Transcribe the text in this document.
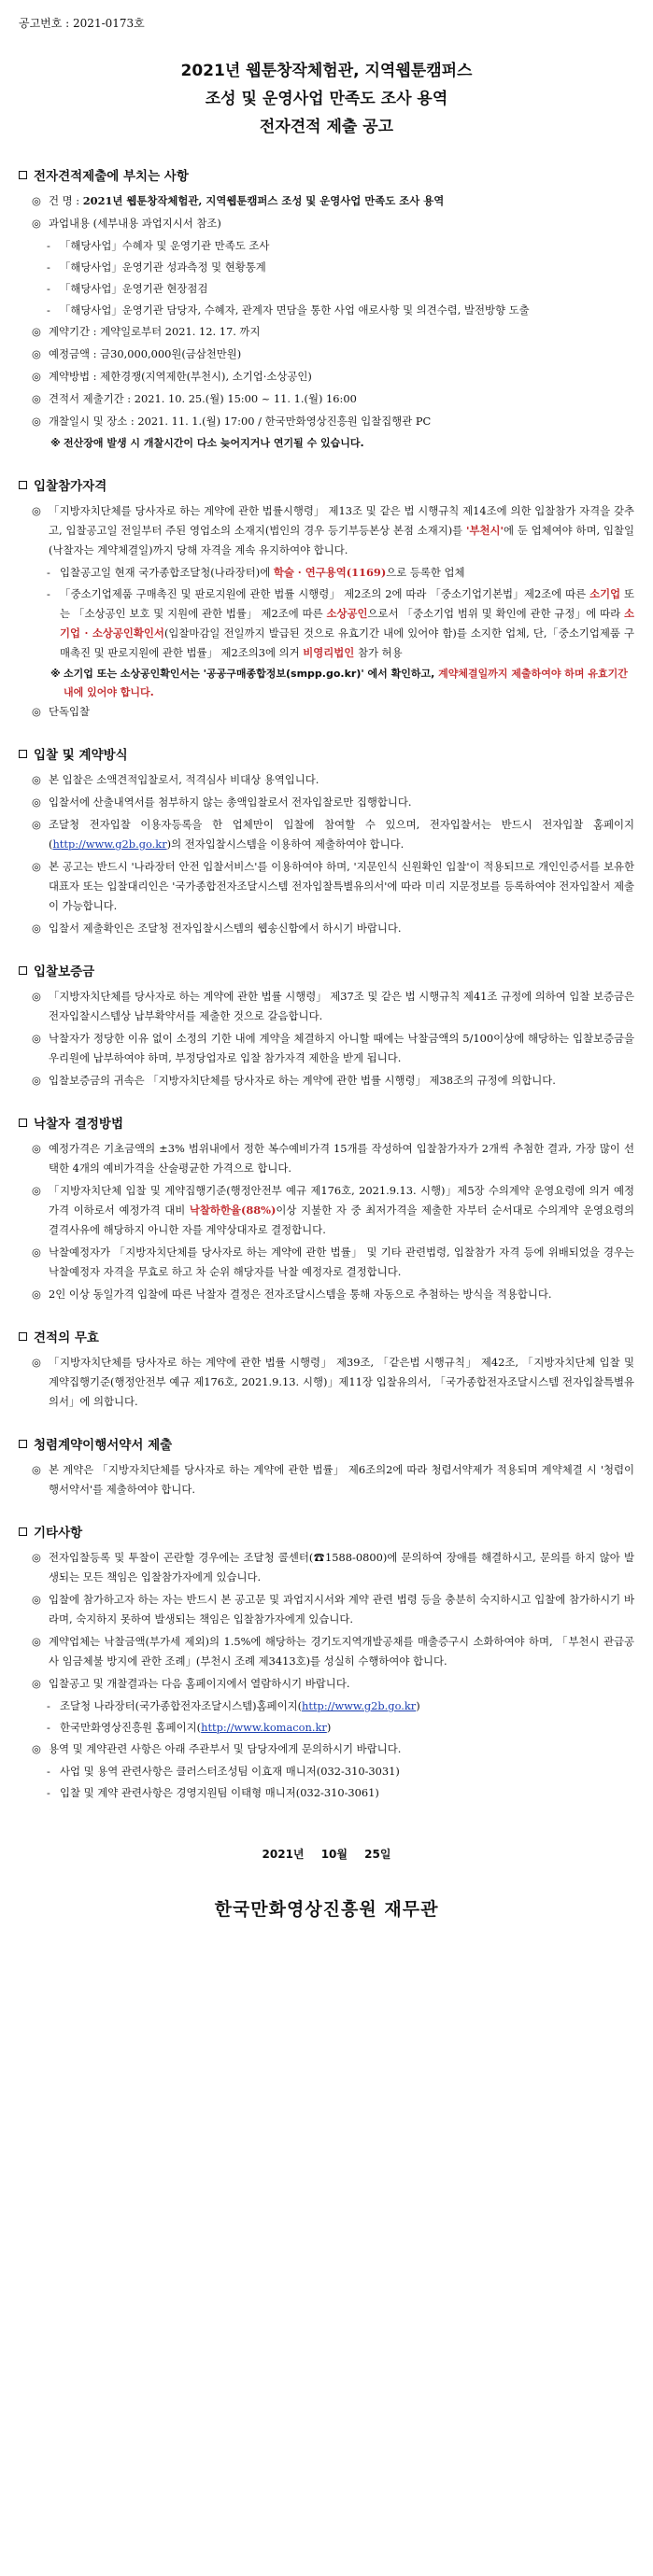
공고번호 : 2021-0173호
2021년 웹툰창작체험관, 지역웹툰캠퍼스
조성 및 운영사업 만족도 조사 용역
전자견적 제출 공고
전자견적제출에 부치는 사항
◎ 건 명 : 2021년 웹툰창작체험관, 지역웹툰캠퍼스 조성 및 운영사업 만족도 조사 용역
◎ 과업내용 (세부내용 과업지시서 참조)
- 「해당사업」수혜자 및 운영기관 만족도 조사
- 「해당사업」운영기관 성과측정 및 현황통계
- 「해당사업」운영기관 현장점검
- 「해당사업」운영기관 담당자, 수혜자, 관계자 면담을 통한 사업 애로사항 및 의견수렴, 발전방향 도출
◎ 계약기간 : 계약일로부터 2021. 12. 17. 까지
◎ 예정금액 : 금30,000,000원(금삼천만원)
◎ 계약방법 : 제한경쟁(지역제한(부천시), 소기업·소상공인)
◎ 견적서 제출기간 : 2021. 10. 25.(월) 15:00 ~ 11. 1.(월) 16:00
◎ 개찰일시 및 장소 : 2021. 11. 1.(월) 17:00 / 한국만화영상진흥원 입찰집행관 PC
※ 전산장애 발생 시 개찰시간이 다소 늦어지거나 연기될 수 있습니다.
입찰참가자격
◎ 「지방자치단체를 당사자로 하는 계약에 관한 법률시행령」 제13조 및 같은 법 시행규칙 제14조에 의한 입찰참가 자격을 갖추고, 입찰공고일 전일부터 주된 영업소의 소재지(법인의 경우 등기부등본상 본점 소재지)를 '부천시'에 둔 업체여야 하며, 입찰일(낙찰자는 계약체결일)까지 당해 자격을 계속 유지하여야 합니다.
- 입찰공고일 현재 국가종합조달청(나라장터)에 학술 · 연구용역(1169)으로 등록한 업체
- 「중소기업제품 구매촉진 및 판로지원에 관한 법률 시행령」 제2조의 2에 따라 「중소기업기본법」제2조에 따른 소기업 또는 「소상공인 보호 및 지원에 관한 법률」 제2조에 따른 소상공인으로서 「중소기업 범위 및 확인에 관한 규정」에 따라 소기업 · 소상공인확인서(입찰마감일 전일까지 발급된 것으로 유효기간 내에 있어야 함)를 소지한 업체, 단,「중소기업제품 구매촉진 및 판로지원에 관한 법률」 제2조의3에 의거 비영리법인 참가 허용
※ 소기업 또는 소상공인확인서는 '공공구매종합정보(smpp.go.kr)' 에서 확인하고, 계약체결일까지 제출하여야 하며 유효기간 내에 있어야 합니다.
◎ 단독입찰
입찰 및 계약방식
◎ 본 입찰은 소액견적입찰로서, 적격심사 비대상 용역입니다.
◎ 입찰서에 산출내역서를 첨부하지 않는 총액입찰로서 전자입찰로만 집행합니다.
◎ 조달청 전자입찰 이용자등록을 한 업체만이 입찰에 참여할 수 있으며, 전자입찰서는 반드시 전자입찰 홈페이지(http://www.g2b.go.kr)의 전자입찰시스템을 이용하여 제출하여야 합니다.
◎ 본 공고는 반드시 '나라장터 안전 입찰서비스'를 이용하여야 하며, '지문인식 신원확인 입찰'이 적용되므로 개인인증서를 보유한 대표자 또는 입찰대리인은 '국가종합전자조달시스템 전자입찰특별유의서'에 따라 미리 지문정보를 등록하여야 전자입찰서 제출이 가능합니다.
◎ 입찰서 제출확인은 조달청 전자입찰시스템의 웹송신함에서 하시기 바랍니다.
입찰보증금
◎ 「지방자치단체를 당사자로 하는 계약에 관한 법률 시행령」 제37조 및 같은 법 시행규칙 제41조 규정에 의하여 입찰 보증금은 전자입찰시스템상 납부확약서를 제출한 것으로 갈음합니다.
◎ 낙찰자가 정당한 이유 없이 소정의 기한 내에 계약을 체결하지 아니할 때에는 낙찰금액의 5/100이상에 해당하는 입찰보증금을 우리원에 납부하여야 하며, 부정당업자로 입찰 참가자격 제한을 받게 됩니다.
◎ 입찰보증금의 귀속은 「지방자치단체를 당사자로 하는 계약에 관한 법률 시행령」 제38조의 규정에 의합니다.
낙찰자 결정방법
◎ 예정가격은 기초금액의 ±3% 범위내에서 정한 복수예비가격 15개를 작성하여 입찰참가자가 2개씩 추첨한 결과, 가장 많이 선택한 4개의 예비가격을 산술평균한 가격으로 합니다.
◎ 「지방자치단체 입찰 및 계약집행기준(행정안전부 예규 제176호, 2021.9.13. 시행)」제5장 수의계약 운영요령에 의거 예정가격 이하로서 예정가격 대비 낙찰하한율(88%)이상 지불한 자 중 최저가격을 제출한 자부터 순서대로 수의계약 운영요령의 결격사유에 해당하지 아니한 자를 계약상대자로 결정합니다.
◎ 낙찰예정자가 「지방자치단체를 당사자로 하는 계약에 관한 법률」 및 기타 관련법령, 입찰참가 자격 등에 위배되었을 경우는 낙찰예정자 자격을 무효로 하고 차 순위 해당자를 낙찰 예정자로 결정합니다.
◎ 2인 이상 동일가격 입찰에 따른 낙찰자 결정은 전자조달시스템을 통해 자동으로 추첨하는 방식을 적용합니다.
견적의 무효
◎ 「지방자치단체를 당사자로 하는 계약에 관한 법률 시행령」 제39조, 「같은법 시행규칙」 제42조, 「지방자치단체 입찰 및 계약집행기준(행정안전부 예규 제176호, 2021.9.13. 시행)」제11장 입찰유의서, 「국가종합전자조달시스템 전자입찰특별유의서」에 의합니다.
청렴계약이행서약서 제출
◎ 본 계약은 「지방자치단체를 당사자로 하는 계약에 관한 법률」 제6조의2에 따라 청렴서약제가 적용되며 계약체결 시 '청렴이행서약서'를 제출하여야 합니다.
기타사항
◎ 전자입찰등록 및 투찰이 곤란할 경우에는 조달청 콜센터(☎1588-0800)에 문의하여 장애를 해결하시고, 문의를 하지 않아 발생되는 모든 책임은 입찰참가자에게 있습니다.
◎ 입찰에 참가하고자 하는 자는 반드시 본 공고문 및 과업지시서와 계약 관련 법령 등을 충분히 숙지하시고 입찰에 참가하시기 바라며, 숙지하지 못하여 발생되는 책임은 입찰참가자에게 있습니다.
◎ 계약업체는 낙찰금액(부가세 제외)의 1.5%에 해당하는 경기도지역개발공채를 매출증구시 소화하여야 하며, 「부천시 관급공사 임금체불 방지에 관한 조례」(부천시 조례 제3413호)를 성실히 수행하여야 합니다.
◎ 입찰공고 및 개찰결과는 다음 홈페이지에서 열람하시기 바랍니다.
- 조달청 나라장터(국가종합전자조달시스템)홈페이지(http://www.g2b.go.kr)
- 한국만화영상진흥원 홈페이지(http://www.komacon.kr)
◎ 용역 및 계약관련 사항은 아래 주관부서 및 담당자에게 문의하시기 바랍니다.
- 사업 및 용역 관련사항은 클러스터조성팀 이효재 매니저(032-310-3031)
- 입찰 및 계약 관련사항은 경영지원팀 이태형 매니저(032-310-3061)
2021년 10월 25일
한국만화영상진흥원 재무관
